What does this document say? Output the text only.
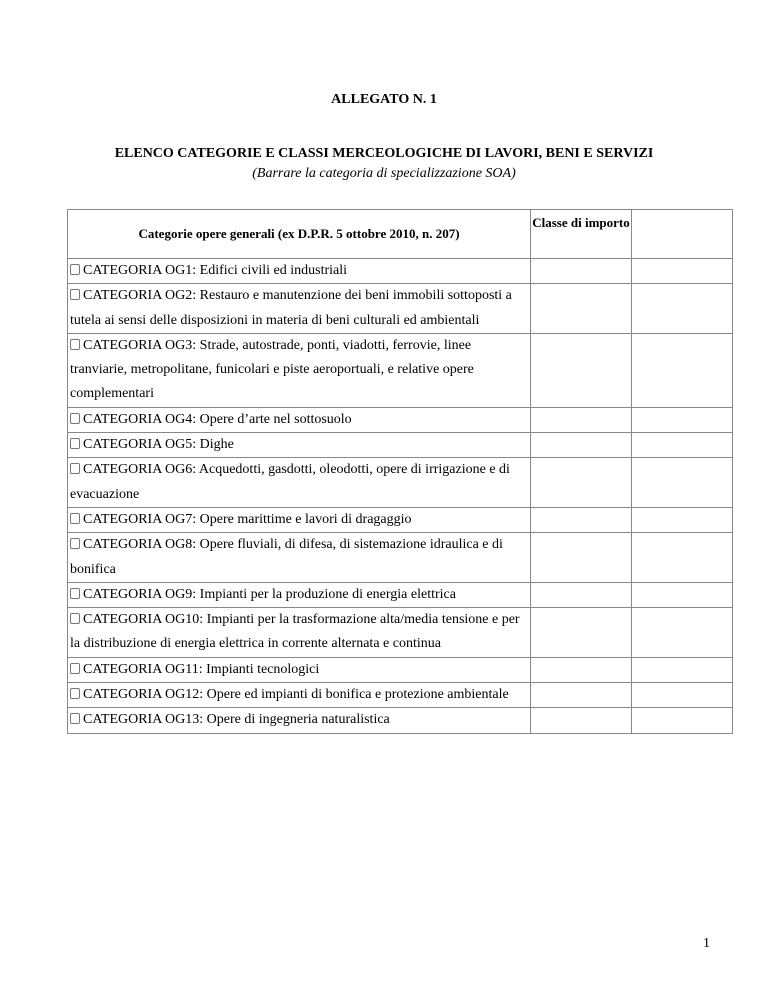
ALLEGATO N. 1
ELENCO CATEGORIE E CLASSI MERCEOLOGICHE DI LAVORI, BENI E SERVIZI
(Barrare la categoria di specializzazione SOA)
Categorie opere generali (ex D.P.R. 5 ottobre 2010, n. 207)	Classe di importo	

CATEGORIA OG1: Edifici civili ed industriali		

CATEGORIA OG2: Restauro e manutenzione dei beni immobili sottoposti a tutela ai sensi delle disposizioni in materia di beni culturali ed ambientali		

CATEGORIA OG3: Strade, autostrade, ponti, viadotti, ferrovie, linee tranviarie, metropolitane, funicolari e piste aeroportuali, e relative opere complementari		

CATEGORIA OG4: Opere d’arte nel sottosuolo		

CATEGORIA OG5: Dighe		

CATEGORIA OG6: Acquedotti, gasdotti, oleodotti, opere di irrigazione e di evacuazione		

CATEGORIA OG7: Opere marittime e lavori di dragaggio		

CATEGORIA OG8: Opere fluviali, di difesa, di sistemazione idraulica e di bonifica		

CATEGORIA OG9: Impianti per la produzione di energia elettrica		

CATEGORIA OG10: Impianti per la trasformazione alta/media tensione e per la distribuzione di energia elettrica in corrente alternata e continua		

CATEGORIA OG11: Impianti tecnologici		

CATEGORIA OG12: Opere ed impianti di bonifica e protezione ambientale		

CATEGORIA OG13: Opere di ingegneria naturalistica		

1
